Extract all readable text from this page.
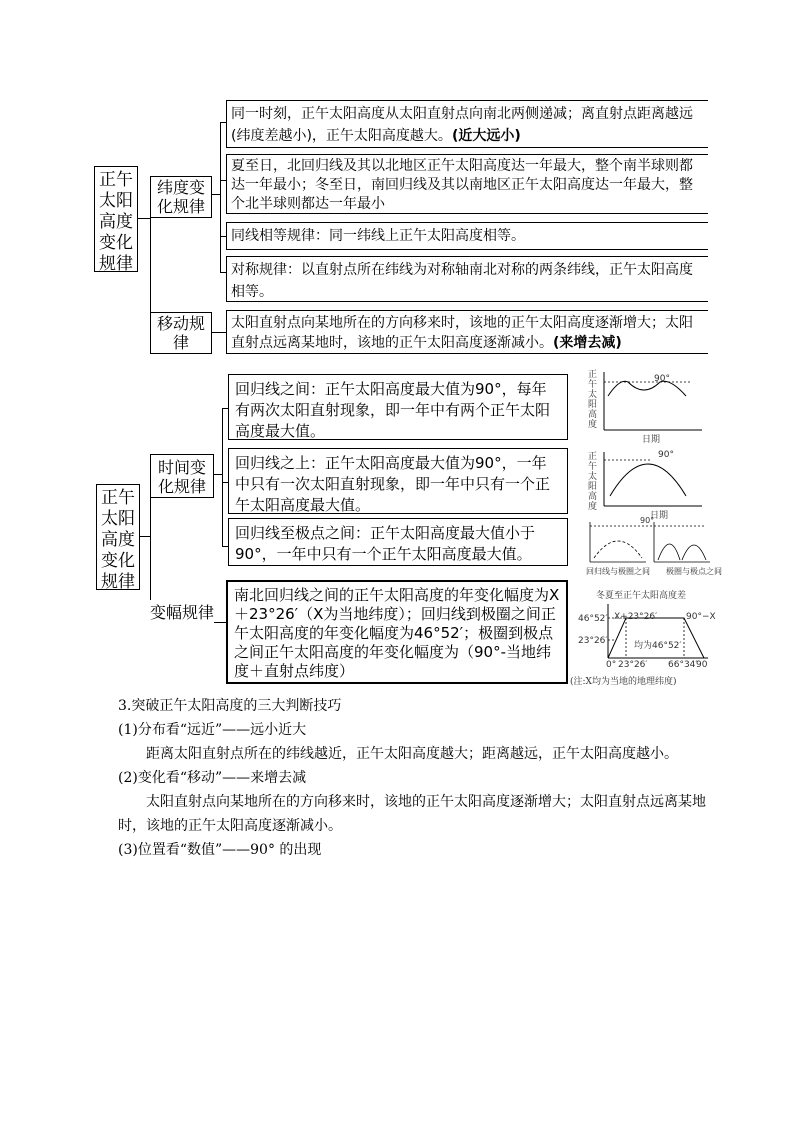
正午太阳高度变化规律
纬度变化规律
移动规律
同一时刻，正午太阳高度从太阳直射点向南北两侧递减；离直射点距离越远(纬度差越小)，正午太阳高度越大。(近大远小)
夏至日，北回归线及其以北地区正午太阳高度达一年最大，整个南半球则都达一年最小；冬至日，南回归线及其以南地区正午太阳高度达一年最大，整个北半球则都达一年最小
同线相等规律：同一纬线上正午太阳高度相等。
对称规律：以直射点所在纬线为对称轴南北对称的两条纬线，正午太阳高度相等。
太阳直射点向某地所在的方向移来时，该地的正午太阳高度逐渐增大；太阳直射点远离某地时，该地的正午太阳高度逐渐减小。(来增去减)
正午太阳高度变化规律
时间变化规律
变幅规律
回归线之间：正午太阳高度最大值为90°，每年有两次太阳直射现象，即一年中有两个正午太阳高度最大值。
回归线之上：正午太阳高度最大值为90°，一年中只有一次太阳直射现象，即一年中只有一个正午太阳高度最大值。
回归线至极点之间：正午太阳高度最大值小于90°，一年中只有一个正午太阳高度最大值。
南北回归线之间的正午太阳高度的年变化幅度为X＋23°26′（X为当地纬度）；回归线到极圈之间正午太阳高度的年变化幅度为46°52′；极圈到极点之间正午太阳高度的年变化幅度为（90°-当地纬度＋直射点纬度）
正午太阳高度
90°
日期
正午太阳高度
90°
日期
90°
回归线与极圈之间 极圈与极点之间
冬夏至正午太阳高度差
X+23°26′	90°−X
46°52′
23°26′	均为46°52′
0° 23°26′ 66°34′
90
(注:X均为当地的地理纬度)
3.突破正午太阳高度的三大判断技巧
(1)分布看“远近”——远小近大
距离太阳直射点所在的纬线越近，正午太阳高度越大；距离越远，正午太阳高度越小。
(2)变化看“移动”——来增去减
太阳直射点向某地所在的方向移来时，该地的正午太阳高度逐渐增大；太阳直射点远离某地
时，该地的正午太阳高度逐渐减小。
(3)位置看“数值”——90° 的出现
